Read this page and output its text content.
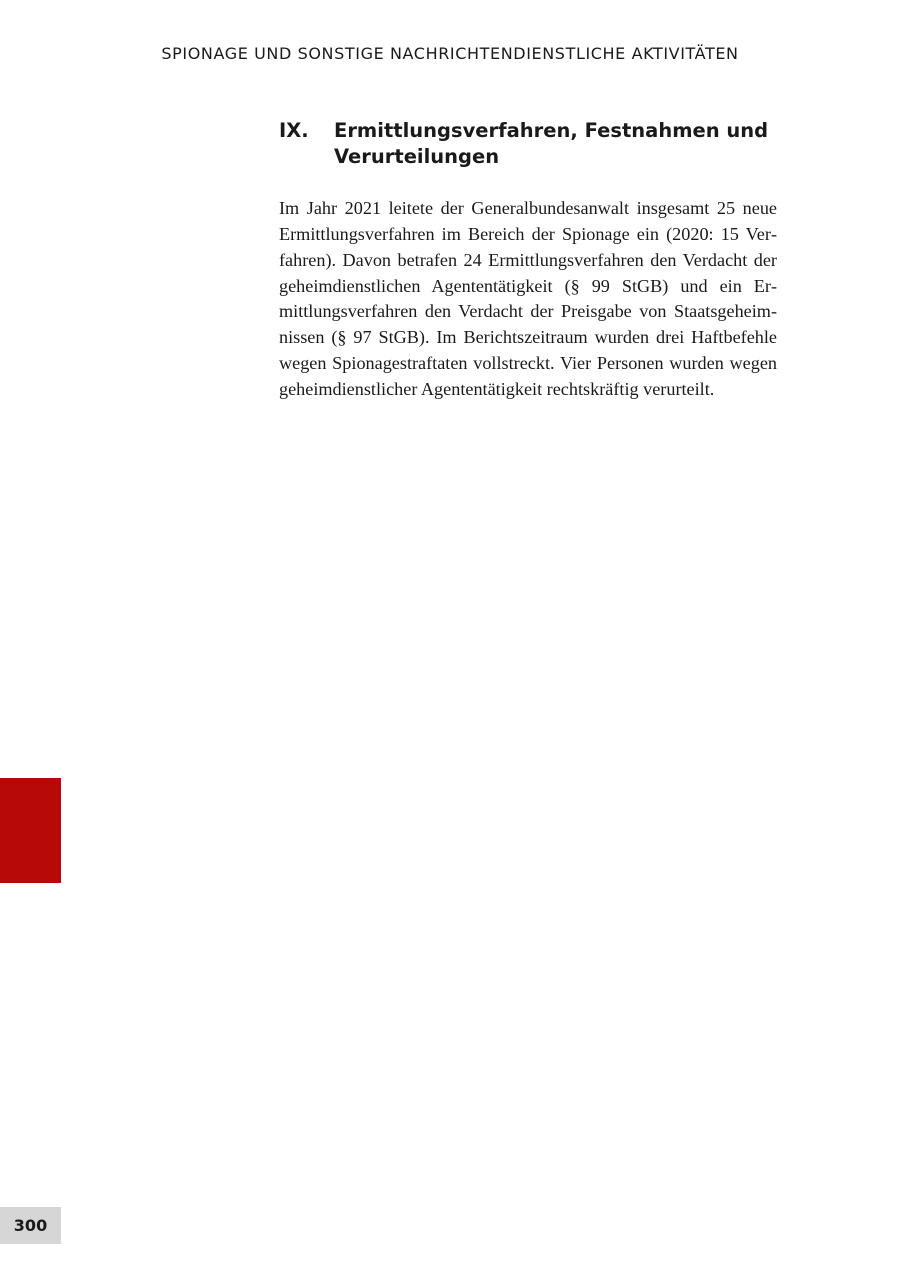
SPIONAGE UND SONSTIGE NACHRICHTENDIENSTLICHE AKTIVITÄTEN
IX.	Ermittlungsverfahren, Festnahmen und Verurteilungen

Im Jahr 2021 leitete der Generalbundesanwalt insgesamt 25 neue Ermittlungsverfahren im Bereich der Spionage ein (2020: 15 Verfahren). Davon betrafen 24 Ermittlungsverfahren den Verdacht der geheimdienstlichen Agententätigkeit (§ 99 StGB) und ein Ermittlungsverfahren den Verdacht der Preisgabe von Staatsgeheimnissen (§ 97 StGB). Im Berichtszeitraum wurden drei Haftbefehle wegen Spionagestraftaten vollstreckt. Vier Personen wurden wegen geheimdienstlicher Agententätigkeit rechtskräftig verurteilt.

300
